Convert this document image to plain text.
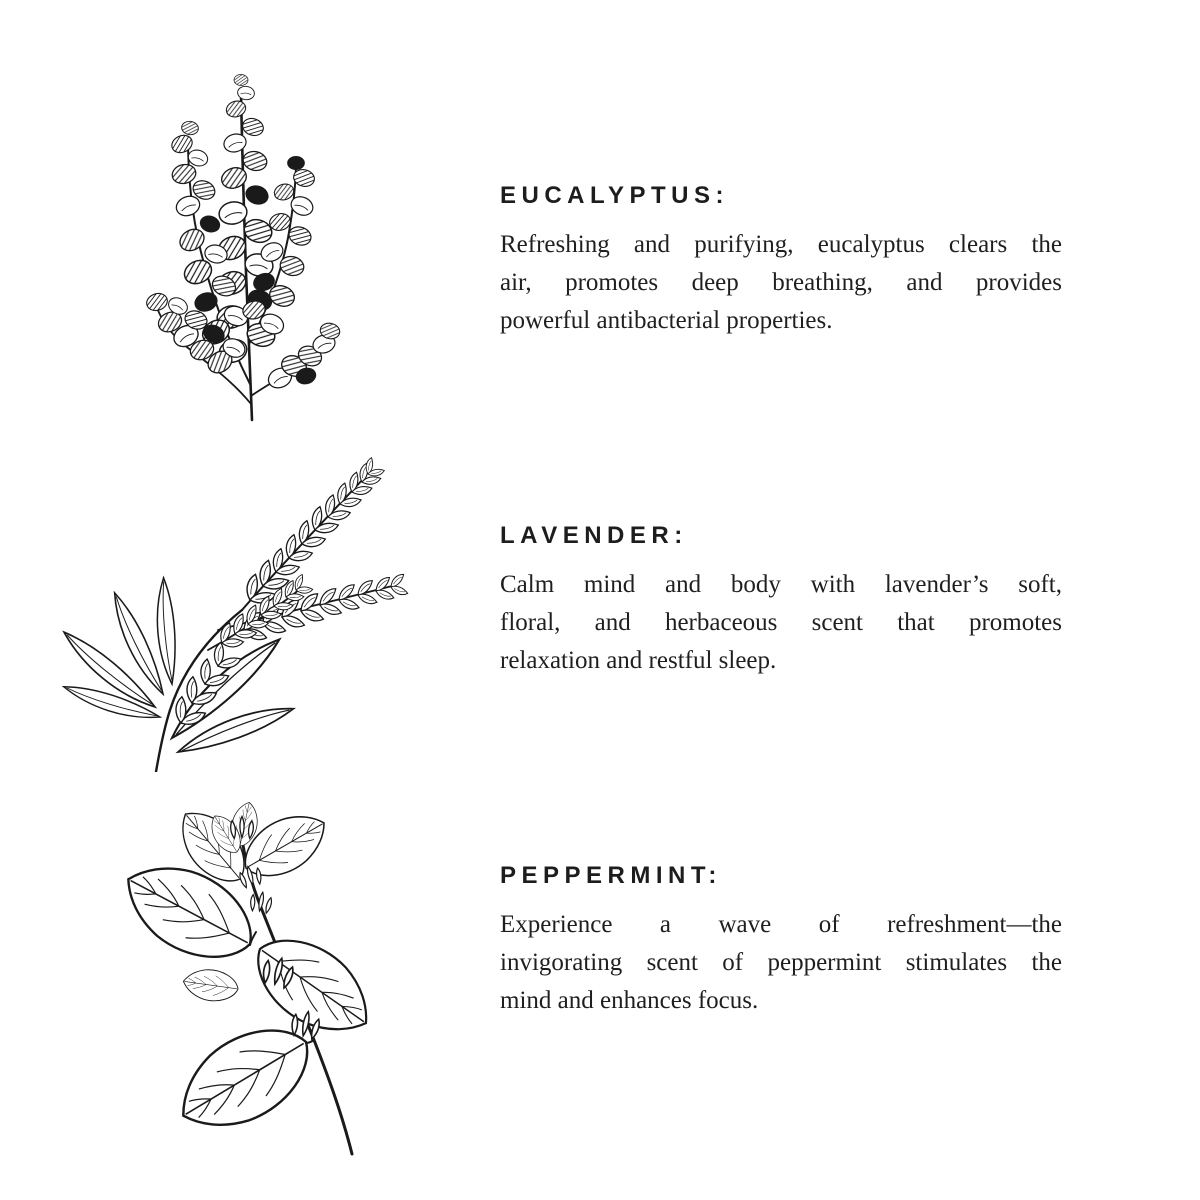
EUCALYPTUS:

Refreshing and purifying, eucalyptus clears the
air, promotes deep breathing, and provides
powerful antibacterial properties.

LAVENDER:

Calm mind and body with lavender’s soft,
floral, and herbaceous scent that promotes
relaxation and restful sleep.

PEPPERMINT:

Experience a wave of refreshment—the
invigorating scent of peppermint stimulates the
mind and enhances focus.
